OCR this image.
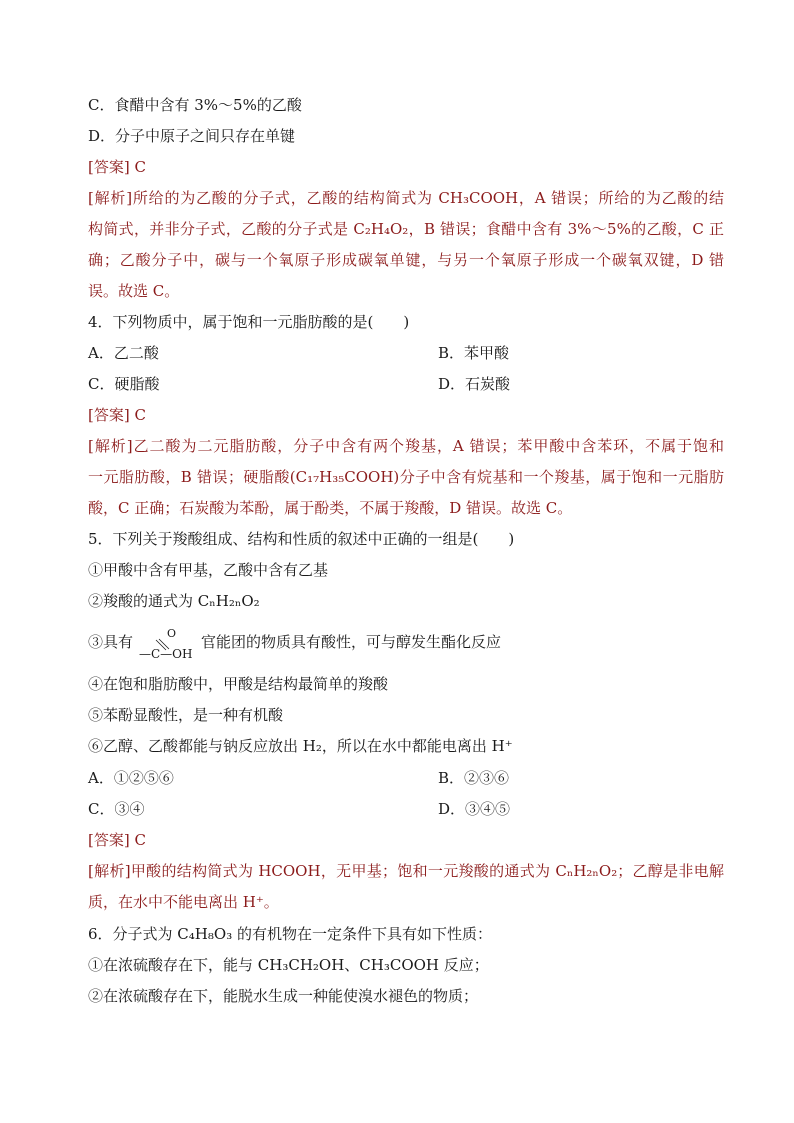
C．食醋中含有 3%～5%的乙酸
D．分子中原子之间只存在单键
[答案] C
[解析]所给的为乙酸的分子式，乙酸的结构简式为 CH₃COOH，A 错误；所给的为乙酸的结
构简式，并非分子式，乙酸的分子式是 C₂H₄O₂，B 错误；食醋中含有 3%～5%的乙酸，C 正
确；乙酸分子中，碳与一个氧原子形成碳氧单键，与另一个氧原子形成一个碳氧双键，D 错
误。故选 C。
4．下列物质中，属于饱和一元脂肪酸的是(　　)
A．乙二酸	B．苯甲酸
C．硬脂酸	D．石炭酸
[答案] C
[解析]乙二酸为二元脂肪酸，分子中含有两个羧基，A 错误；苯甲酸中含苯环，不属于饱和
一元脂肪酸，B 错误；硬脂酸(C₁₇H₃₅COOH)分子中含有烷基和一个羧基，属于饱和一元脂肪
酸，C 正确；石炭酸为苯酚，属于酚类，不属于羧酸，D 错误。故选 C。
5．下列关于羧酸组成、结构和性质的叙述中正确的一组是(　　)
①甲酸中含有甲基，乙酸中含有乙基
②羧酸的通式为 CₙH₂ₙO₂
③具有	O
—C—OH
官能团的物质具有酸性，可与醇发生酯化反应
④在饱和脂肪酸中，甲酸是结构最简单的羧酸
⑤苯酚显酸性，是一种有机酸
⑥乙醇、乙酸都能与钠反应放出 H₂，所以在水中都能电离出 H⁺
A．①②⑤⑥	B．②③⑥
C．③④	D．③④⑤
[答案] C
[解析]甲酸的结构简式为 HCOOH，无甲基；饱和一元羧酸的通式为 CₙH₂ₙO₂；乙醇是非电解
质，在水中不能电离出 H⁺。
6．分子式为 C₄H₈O₃ 的有机物在一定条件下具有如下性质：
①在浓硫酸存在下，能与 CH₃CH₂OH、CH₃COOH 反应；
②在浓硫酸存在下，能脱水生成一种能使溴水褪色的物质；
